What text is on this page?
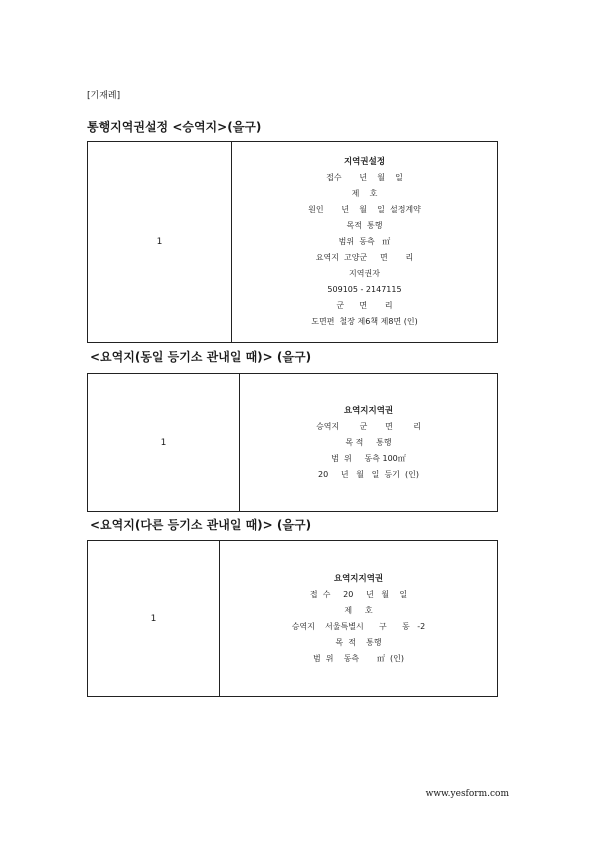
[기재례]
통행지역권설정 <승역지>(을구)
1	
지역권설정
접수       년    월    일
제    호
원인       년    월    일  설정계약
목적  통행
범위  동측   ㎡
요역지  고양군     면       리
지역권자
509105 - 2147115
군      면       리
도면편  철장 제6책 제8면 (인)
<요역지(동일 등기소 관내일 때)> (을구)
1	
요역지지역권
승역지        군       면        리
목 적     통행
범  위     동측 100㎡
20     년   월   일  등기  (인)
<요역지(다른 등기소 관내일 때)> (을구)
1	
요역지지역권
접  수     20     년   월    일
제     호
승역지    서울특별시      구      동   -2
목  적    통행
범  위    동측       ㎡  (인)
www.yesform.com
